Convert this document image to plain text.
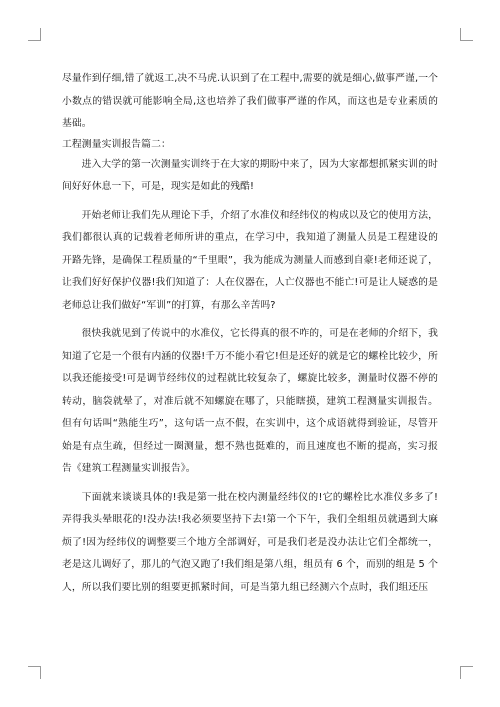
尽量作到仔细,错了就返工,决不马虎.认识到了在工程中,需要的就是细心,做事严谨,一个小数点的错误就可能影响全局,这也培养了我们做事严谨的作风，而这也是专业素质的基础。

工程测量实训报告篇二：

进入大学的第一次测量实训终于在大家的期盼中来了，因为大家都想抓紧实训的时间好好休息一下，可是，现实是如此的残酷!

开始老师让我们先从理论下手，介绍了水准仪和经纬仪的构成以及它的使用方法，我们都很认真的记载着老师所讲的重点，在学习中，我知道了测量人员是工程建设的开路先锋，是确保工程质量的“千里眼”，我为能成为测量人而感到自豪!老师还说了，让我们好好保护仪器!我们知道了：人在仪器在，人亡仪器也不能亡!可是让人疑惑的是老师总让我们做好“军训”的打算，有那么辛苦吗?

很快我就见到了传说中的水准仪，它长得真的很不咋的，可是在老师的介绍下，我知道了它是一个很有内涵的仪器!千万不能小看它!但是还好的就是它的螺栓比较少，所以我还能接受!可是调节经纬仪的过程就比较复杂了，螺旋比较多，测量时仪器不停的转动，脑袋就晕了，对准后就不知螺旋在哪了，只能瞎摸，建筑工程测量实训报告。但有句话叫“熟能生巧”，这句话一点不假，在实训中，这个成语就得到验证，尽管开始是有点生疏，但经过一圈测量，想不熟也挺难的，而且速度也不断的提高，实习报告《建筑工程测量实训报告》。

下面就来谈谈具体的!我是第一批在校内测量经纬仪的!它的螺栓比水准仪多多了!弄得我头晕眼花的!没办法!我必须要坚持下去!第一个下午，我们全组组员就遇到大麻烦了!因为经纬仪的调整要三个地方全部调好，可是我们老是没办法让它们全都统一，老是这儿调好了，那儿的气泡又跑了!我们组是第八组，组员有 6 个，而别的组是 5 个人，所以我们要比别的组要更抓紧时间，可是当第九组已经测六个点时，我们组还压
